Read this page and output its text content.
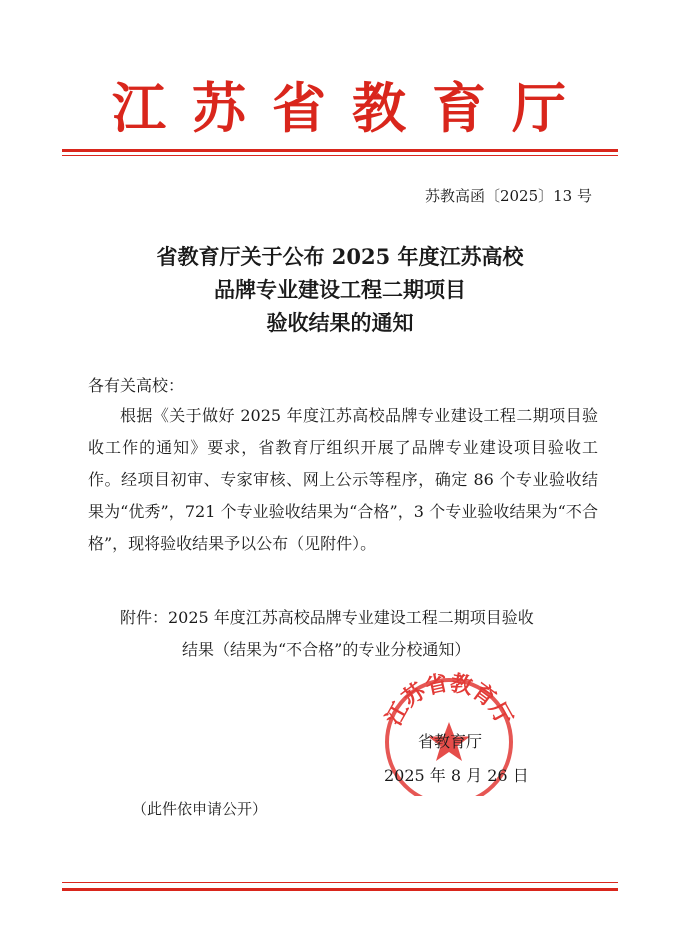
江苏省教育厅
苏教高函〔2025〕13 号
省教育厅关于公布 2025 年度江苏高校
品牌专业建设工程二期项目
验收结果的通知
各有关高校：

根据《关于做好 2025 年度江苏高校品牌专业建设工程二期项目验收工作的通知》要求，省教育厅组织开展了品牌专业建设项目验收工作。经项目初审、专家审核、网上公示等程序，确定 86 个专业验收结果为“优秀”，721 个专业验收结果为“合格”，3 个专业验收结果为“不合格”，现将验收结果予以公布（见附件）。

附件：2025 年度江苏高校品牌专业建设工程二期项目验收
结果（结果为“不合格”的专业分校通知）
江苏省教育厅
省教育厅
2025 年 8 月 26 日
（此件依申请公开）
